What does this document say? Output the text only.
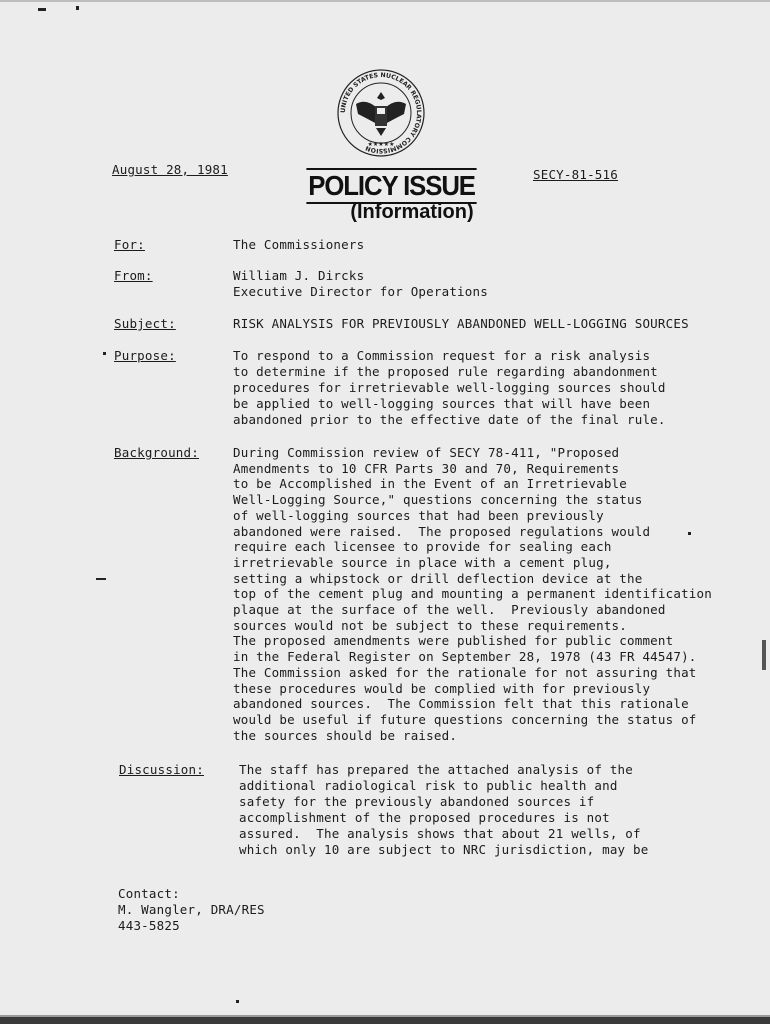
UNITED STATES NUCLEAR REGULATORY COMMISSION
★★★★★
August 28, 1981	SECY-81-516
POLICY ISSUE
(Information)
For:	The Commissioners
From:	William J. Dircks
Executive Director for Operations
Subject:	RISK ANALYSIS FOR PREVIOUSLY ABANDONED WELL-LOGGING SOURCES
Purpose:	To respond to a Commission request for a risk analysis
to determine if the proposed rule regarding abandonment
procedures for irretrievable well-logging sources should
be applied to well-logging sources that will have been
abandoned prior to the effective date of the final rule.
Background:	During Commission review of SECY 78-411, "Proposed
Amendments to 10 CFR Parts 30 and 70, Requirements
to be Accomplished in the Event of an Irretrievable
Well-Logging Source," questions concerning the status
of well-logging sources that had been previously
abandoned were raised.  The proposed regulations would
require each licensee to provide for sealing each
irretrievable source in place with a cement plug,
setting a whipstock or drill deflection device at the
top of the cement plug and mounting a permanent identification
plaque at the surface of the well.  Previously abandoned
sources would not be subject to these requirements.
The proposed amendments were published for public comment
in the Federal Register on September 28, 1978 (43 FR 44547).
The Commission asked for the rationale for not assuring that
these procedures would be complied with for previously
abandoned sources.  The Commission felt that this rationale
would be useful if future questions concerning the status of
the sources should be raised.
Discussion:	The staff has prepared the attached analysis of the
additional radiological risk to public health and
safety for the previously abandoned sources if
accomplishment of the proposed procedures is not
assured.  The analysis shows that about 21 wells, of
which only 10 are subject to NRC jurisdiction, may be
Contact:
M. Wangler, DRA/RES
443-5825
